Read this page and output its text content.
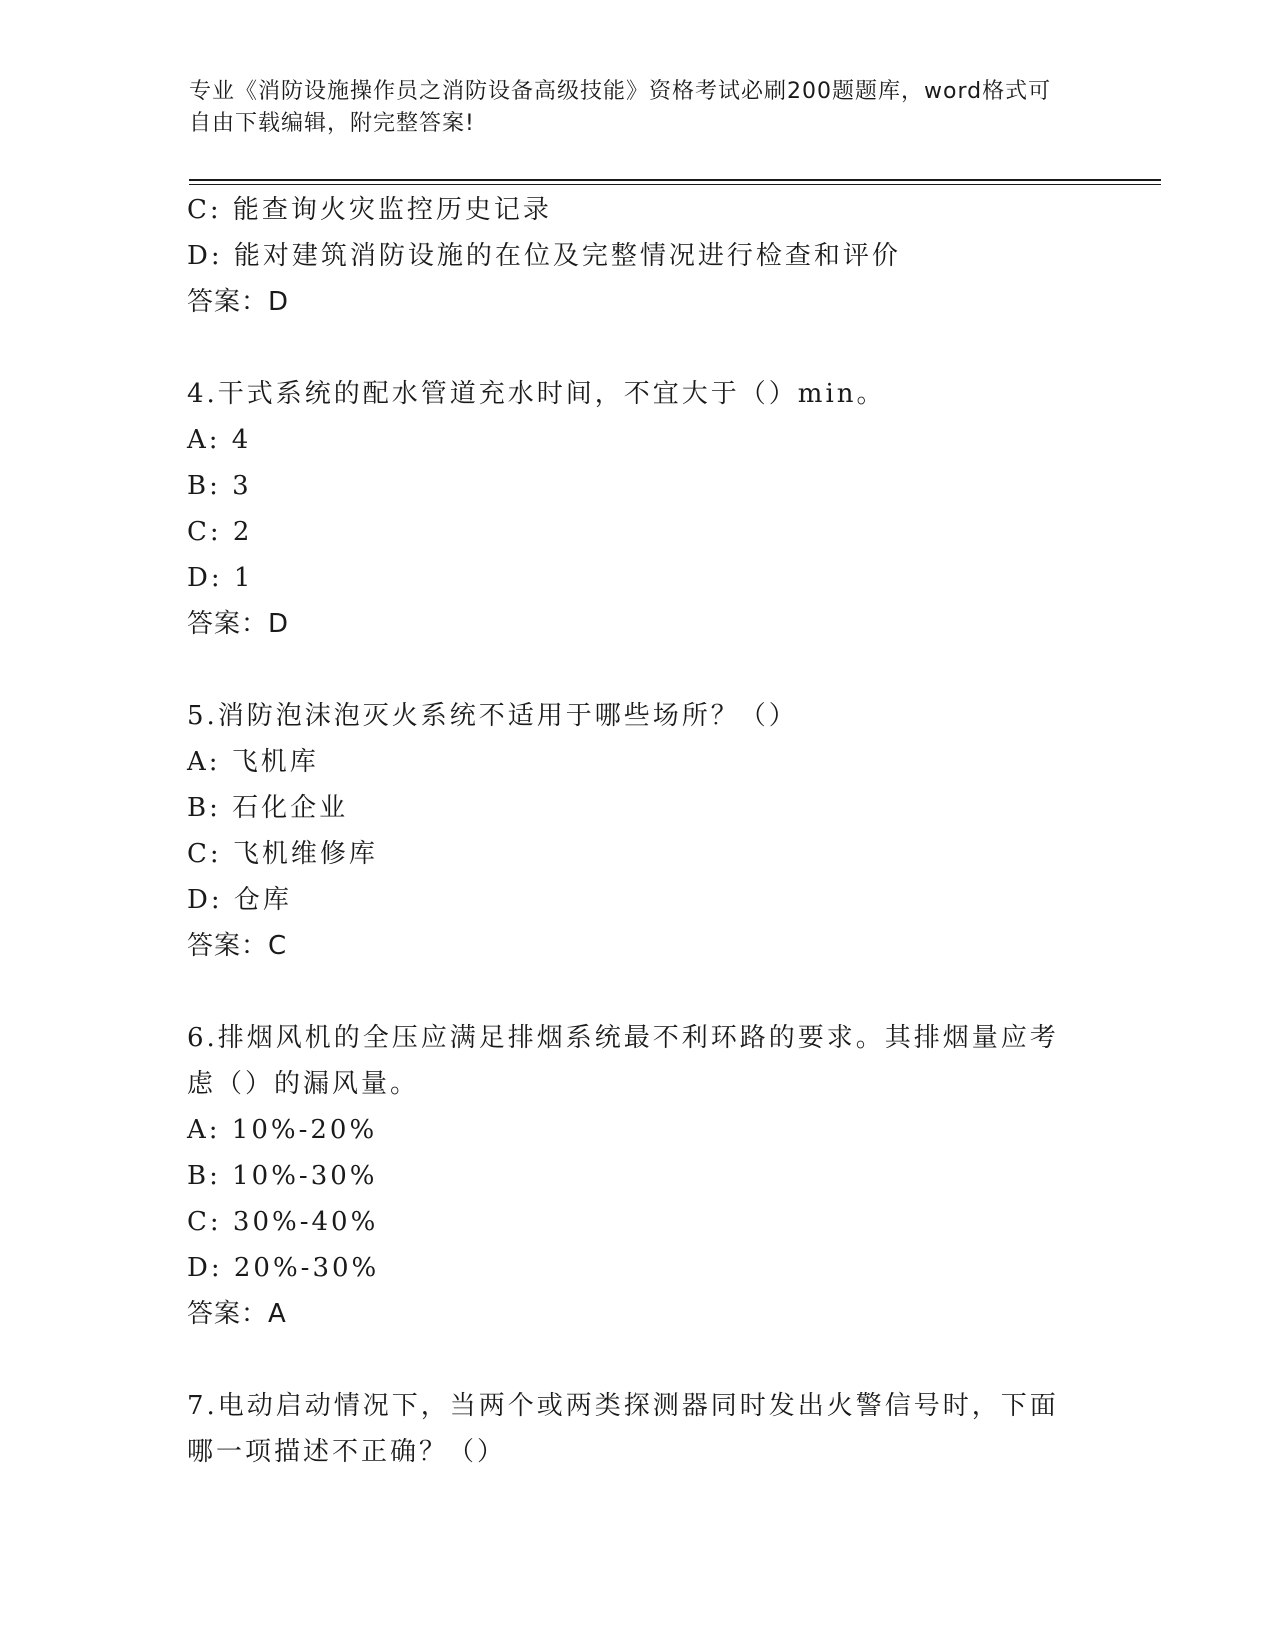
专业《消防设施操作员之消防设备高级技能》资格考试必刷200题题库，word格式可自由下载编辑，附完整答案!
C: 能查询火灾监控历史记录
D: 能对建筑消防设施的在位及完整情况进行检查和评价
答案：D
4.干式系统的配水管道充水时间，不宜大于（）min。
A: 4
B: 3
C: 2
D: 1
答案：D
5.消防泡沫泡灭火系统不适用于哪些场所？（）
A: 飞机库
B: 石化企业
C: 飞机维修库
D: 仓库
答案：C
6.排烟风机的全压应满足排烟系统最不利环路的要求。其排烟量应考
虑（）的漏风量。
A: 10%-20%
B: 10%-30%
C: 30%-40%
D: 20%-30%
答案：A
7.电动启动情况下，当两个或两类探测器同时发出火警信号时，下面
哪一项描述不正确？（）
